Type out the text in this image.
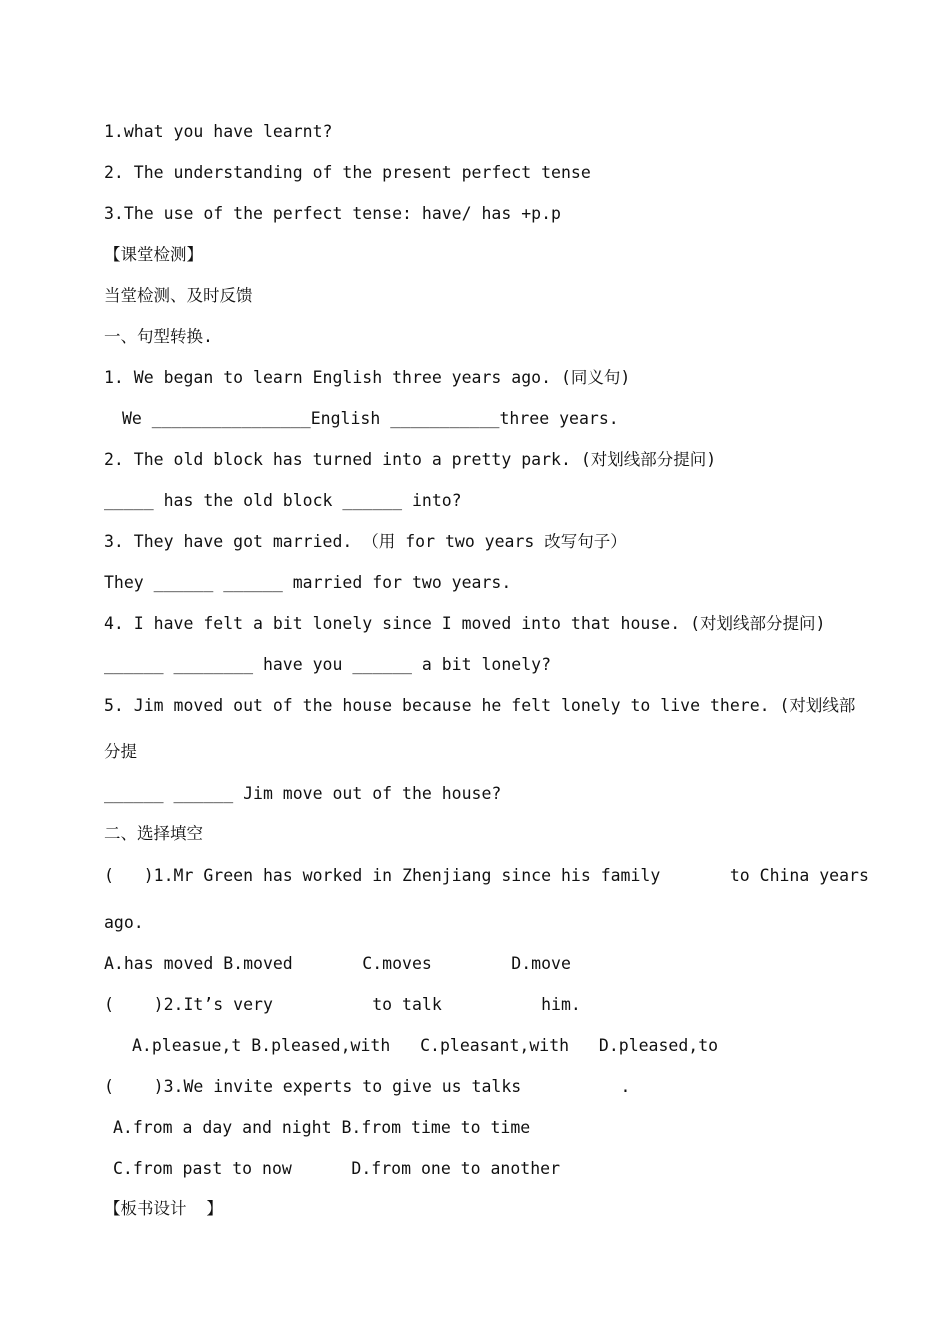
1.what you have learnt?
2. The understanding of the present perfect tense
3.The use of the perfect tense: have/ has +p.p
【课堂检测】
当堂检测、及时反馈
一、句型转换.
1. We began to learn English three years ago. (同义句)
We ________________English ___________three years.
2. The old block has turned into a pretty park. (对划线部分提问)
_____ has the old block ______ into?
3. They have got married. （用 for two years 改写句子）
They ______ ______ married for two years.
4. I have felt a bit lonely since I moved into that house. (对划线部分提问)
______ ________ have you ______ a bit lonely?
5. Jim moved out of the house because he felt lonely to live there. (对划线部
分提
______ ______ Jim move out of the house?
二、选择填空
(   )1.Mr Green has worked in Zhenjiang since his family       to China years
ago.
A.has moved B.moved       C.moves        D.move
(    )2.It’s very          to talk          him.
A.pleasue,t B.pleased,with   C.pleasant,with   D.pleased,to
(    )3.We invite experts to give us talks          .
A.from a day and night B.from time to time
C.from past to now      D.from one to another
【板书设计  】
